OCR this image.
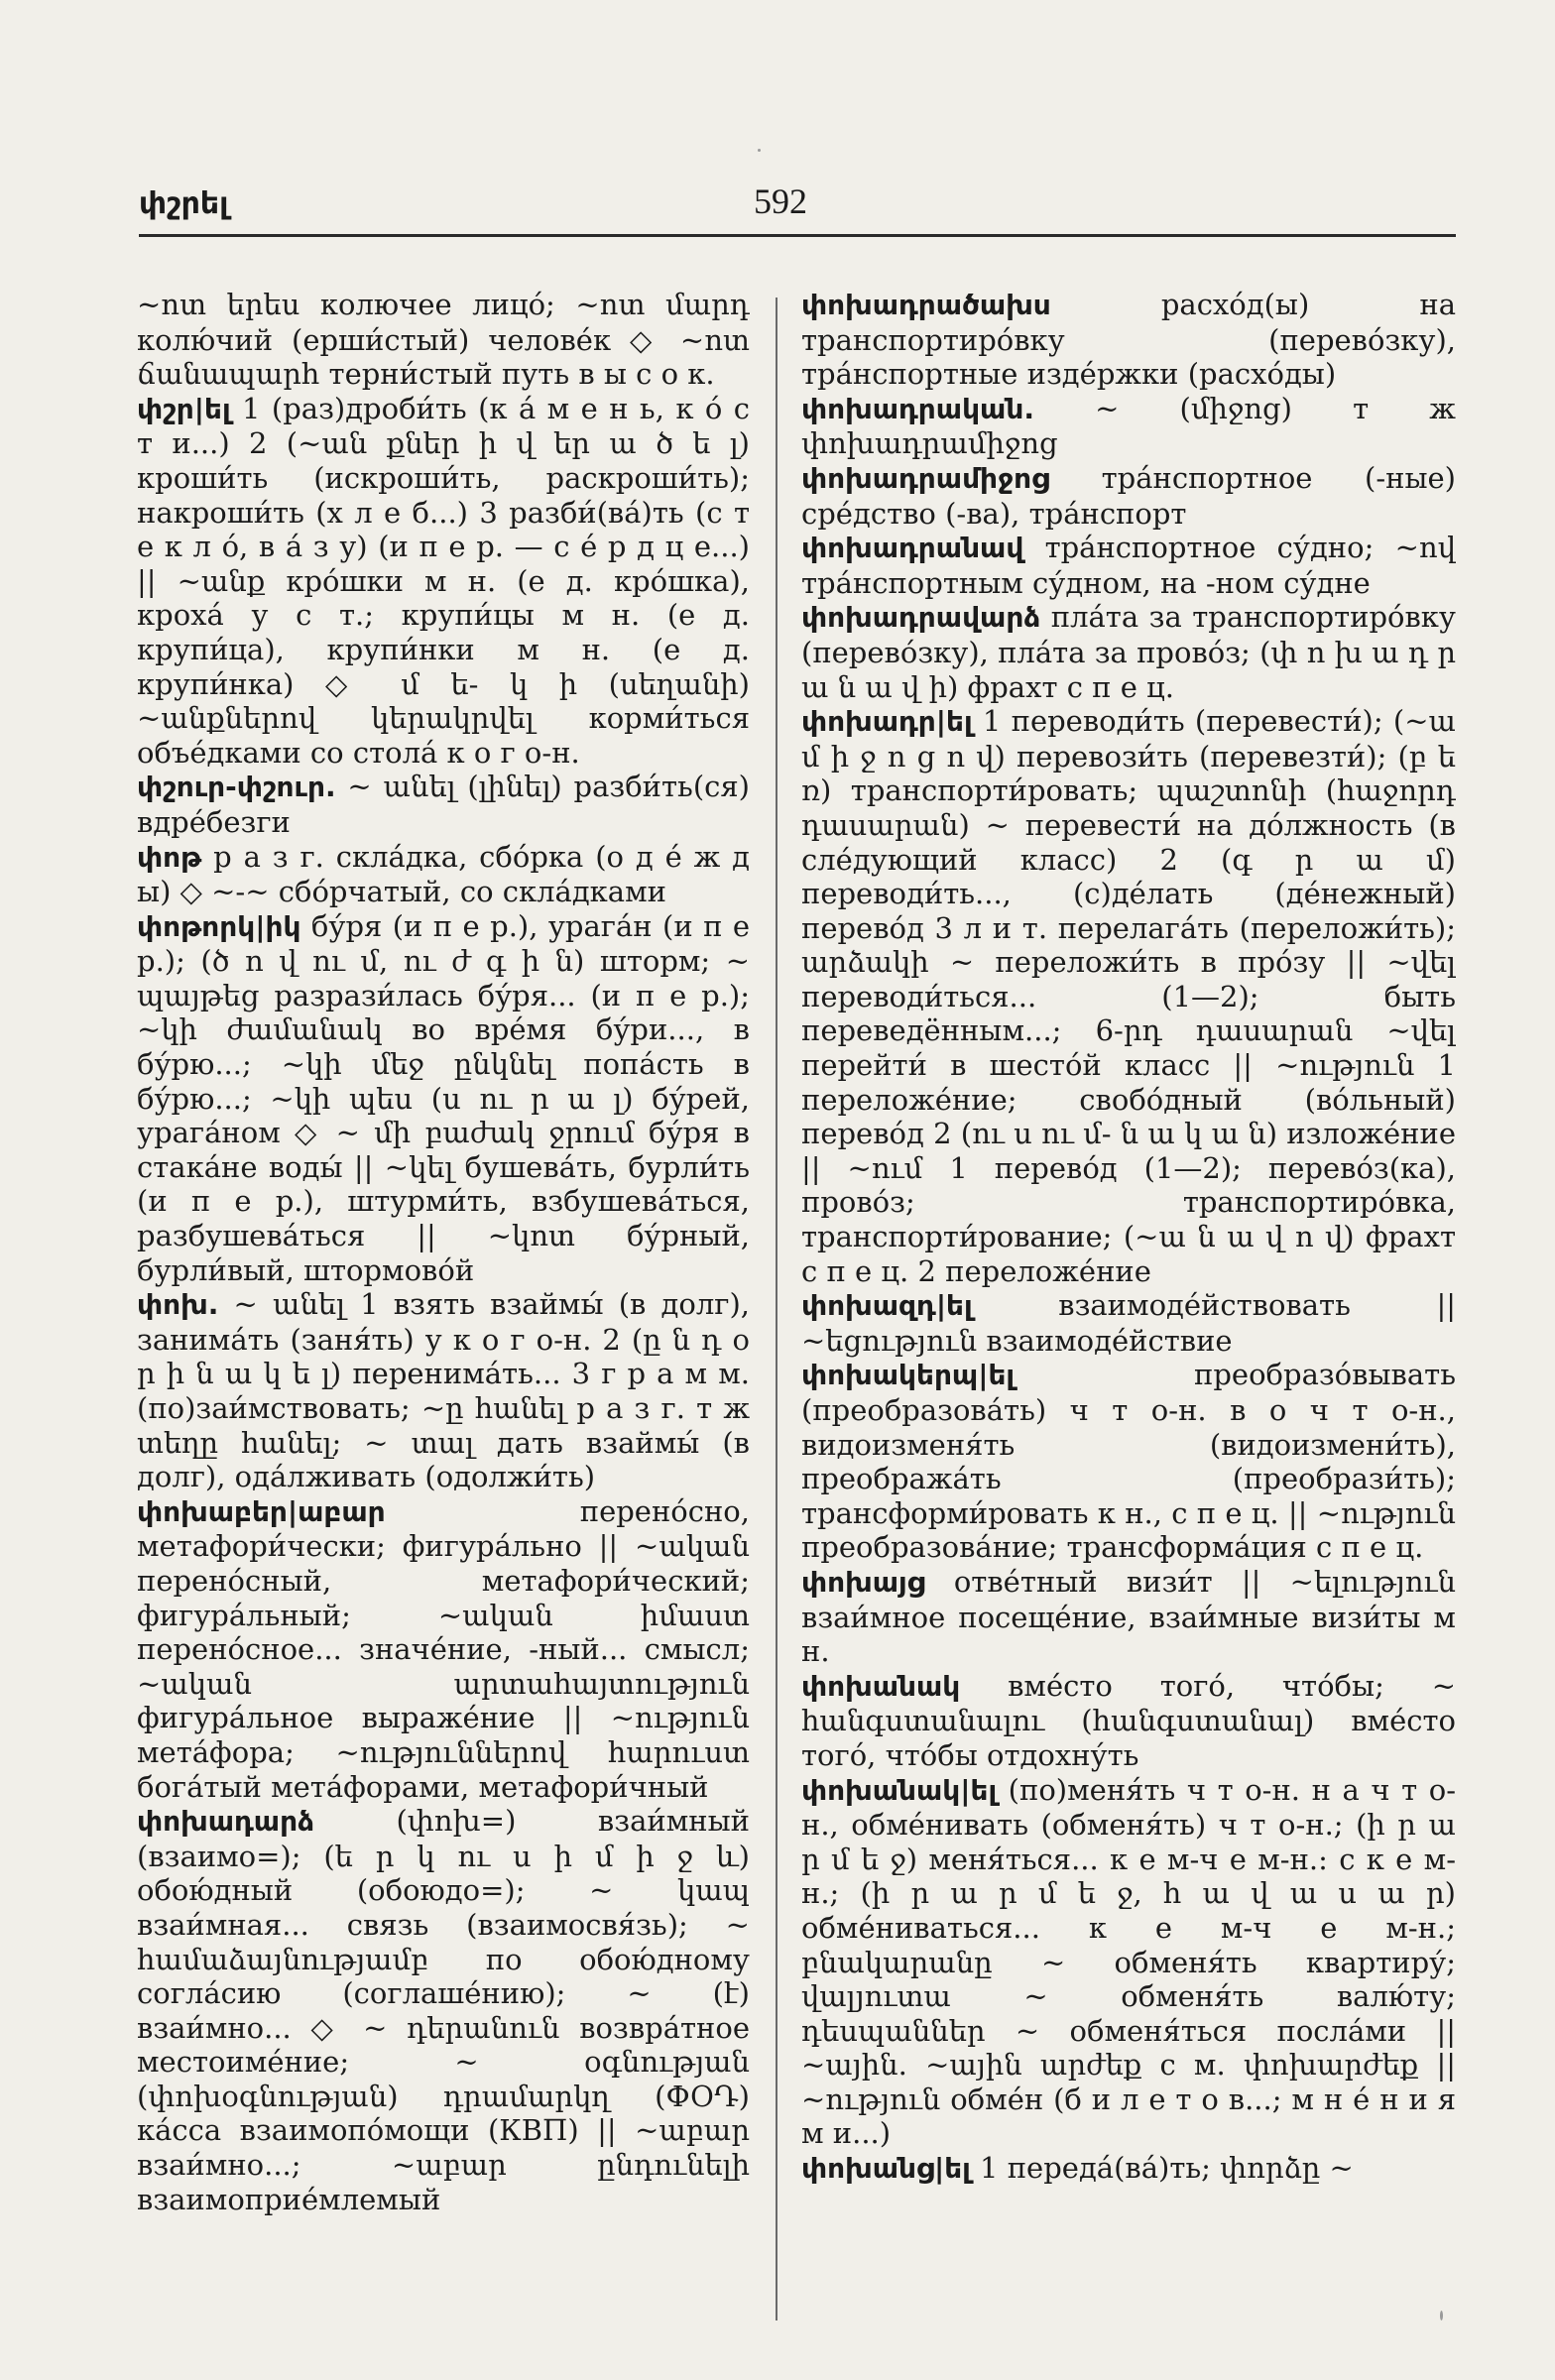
փշրել	592

~ոտ երես колючее лицо́; ~ոտ մարդ колю́чий (ерши́стый) человéк ◇ ~ոտ ճանապարհ терни́стый путь в ы с о к.

փշր|ել 1 (раз)дроби́ть (к á м е н ь, к о́ с т и...) 2 (~ան քներ ի վ եր ա ծ ե լ) кроши́ть (искроши́ть, раскроши́ть); накроши́ть (х л е б...) 3 разби́(вá)ть (с т е к л ó, в á з у) (и п е р. — с é р д ц е...) || ~անք крóшки м н. (е д. крóшка), крохá у с т.; крупи́цы м н. (е д. крупи́ца), крупи́нки м н. (е д. крупи́нка) ◇ մ ե- կ ի (սեղանի) ~անքներով կերակրվել корми́ться объéдками со столá к о г о-н.

փշուր-փշուր. ~ անել (լինել) разби́ть(ся) вдрéбезги

փոթ р а з г. склáдка, сбóрка (о д é ж д ы) ◇ ~-~ сбóрчатый, со склáдками

փոթորկ|իկ бу́ря (и п е р.), урагáн (и п е р.); (ծ ո վ ու մ, ու ժ գ ի ն) шторм; ~ պայթեց разрази́лась бу́ря... (и п е р.); ~կի ժամանակ во врéмя бу́ри..., в бу́рю...; ~կի մեջ ընկնել попáсть в бу́рю...; ~կի պես (ս ու ր ա լ) бу́рей, урагáном ◇ ~ մի բաժակ ջրում бу́ря в стакáне воды́ || ~կել бушевáть, бурли́ть (и п е р.), штурми́ть, взбушевáться, разбушевáться || ~կոտ бу́рный, бурли́вый, штормовóй

փոխ. ~ անել 1 взять взаймы́ (в долг), занимáть (заня́ть) у к о г о-н. 2 (ը ն դ օ ր ի ն ա կ ե լ) перенимáть... 3 г р а м м. (по)заи́мствовать; ~ը հանել р а з г. т ж տեղը հանել; ~ տալ дать взаймы́ (в долг), одáлживать (одолжи́ть)

փոխաբեր|աբար перенóсно, метафори́чески; фигурáльно || ~ական перенóсный, метафори́ческий; фигурáльный; ~ական իմաստ перенóсное... значéние, -ный... смысл; ~ական արտահայտություն фигурáльное выражéние || ~ություն метáфора; ~ություններով հարուստ богáтый метáфорами, метафори́чный

փոխադարձ (փոխ=) взаи́мный (взаимо=); (ե ր կ ու ս ի մ ի ջ և) обою́дный (обоюдо=); ~ կապ взаи́мная... связь (взаимосвя́зь); ~ համաձայնությամբ по обою́дному соглáсию (соглашéнию); ~ (է) взаи́мно... ◇ ~ դերանուն возврáтное местоимéние; ~ օգնության (փոխօգնության) դրամարկղ (ՓՕԴ) кáсса взаимопóмощи (КВП) || ~աբար взаи́мно...; ~աբար ընդունելի взаимоприéмлемый

փոխադրածախս расхóд(ы) на транспортирóвку (перевóзку), трáнспортные издéржки (расхóды)

փոխադրական. ~ (միջոց) т ж փոխադրամիջոց

փոխադրամիջոց трáнспортное (-ные) срéдство (-ва), трáнспорт

փոխադրանավ трáнспортное су́дно; ~ով трáнспортным су́дном, на -ном су́дне

փոխադրավարձ плáта за транспортирóвку (перевóзку), плáта за провóз; (փ ո խ ա դ ր ա ն ա վ ի) фрахт с п е ц.

փոխադր|ել 1 переводи́ть (перевести́); (~ա մ ի ջ ո ց ո վ) перевози́ть (перевезти́); (բ ե ռ) транспорти́ровать; պաշտոնի (հաջորդ դասարան) ~ перевести́ на дóлжность (в слéдующий класс) 2 (գ ր ա մ) переводи́ть..., (с)дéлать (дéнежный) перевóд 3 л и т. перелагáть (переложи́ть); արձակի ~ переложи́ть в прóзу || ~վել переводи́ться... (1—2); быть переведённым...; 6-րդ դասարան ~վել перейти́ в шестóй класс || ~ություն 1 переложéние; свобóдный (вóльный) перевóд 2 (ու ս ու մ- ն ա կ ա ն) изложéние || ~ում 1 перевóд (1—2); перевóз(ка), провóз; транспортирóвка, транспорти́рование; (~ա ն ա վ ո վ) фрахт с п е ц. 2 переложéние

փոխազդ|ել взаимодéйствовать || ~եցություն взаимодéйствие

փոխակերպ|ել преобразóвывать (преобразовáть) ч т о-н. в о ч т о-н., видоизменя́ть (видоизмени́ть), преображáть (преобрази́ть); трансформи́ровать к н., с п е ц. || ~ություն преобразовáние; трансформáция с п е ц.

փոխայց отвéтный визи́т || ~ելություն взаи́мное посещéние, взаи́мные визи́ты м н.

փոխանակ вмéсто тогó, чтóбы; ~ հանգստանալու (հանգստանալ) вмéсто тогó, чтóбы отдохну́ть

փոխանակ|ել (по)меня́ть ч т о-н. н а ч т о-н., обмéнивать (обменя́ть) ч т о-н.; (ի ր ա ր մ ե ջ) меня́ться... к е м-ч е м-н.: с к е м-н.; (ի ր ա ր մ ե ջ, հ ա վ ա ս ա ր) обмéниваться... к е м-ч е м-н.; բնակարանը ~ обменя́ть квартиру́; վալյուտա ~ обменя́ть валю́ту; դեսպաններ ~ обменя́ться послáми || ~ային. ~ային արժեք с м. փոխարժեք || ~ություն обмéн (б и л е т о в...; м н é н и я м и...)

փոխանց|ել 1 передá(вá)ть; փորձը ~
